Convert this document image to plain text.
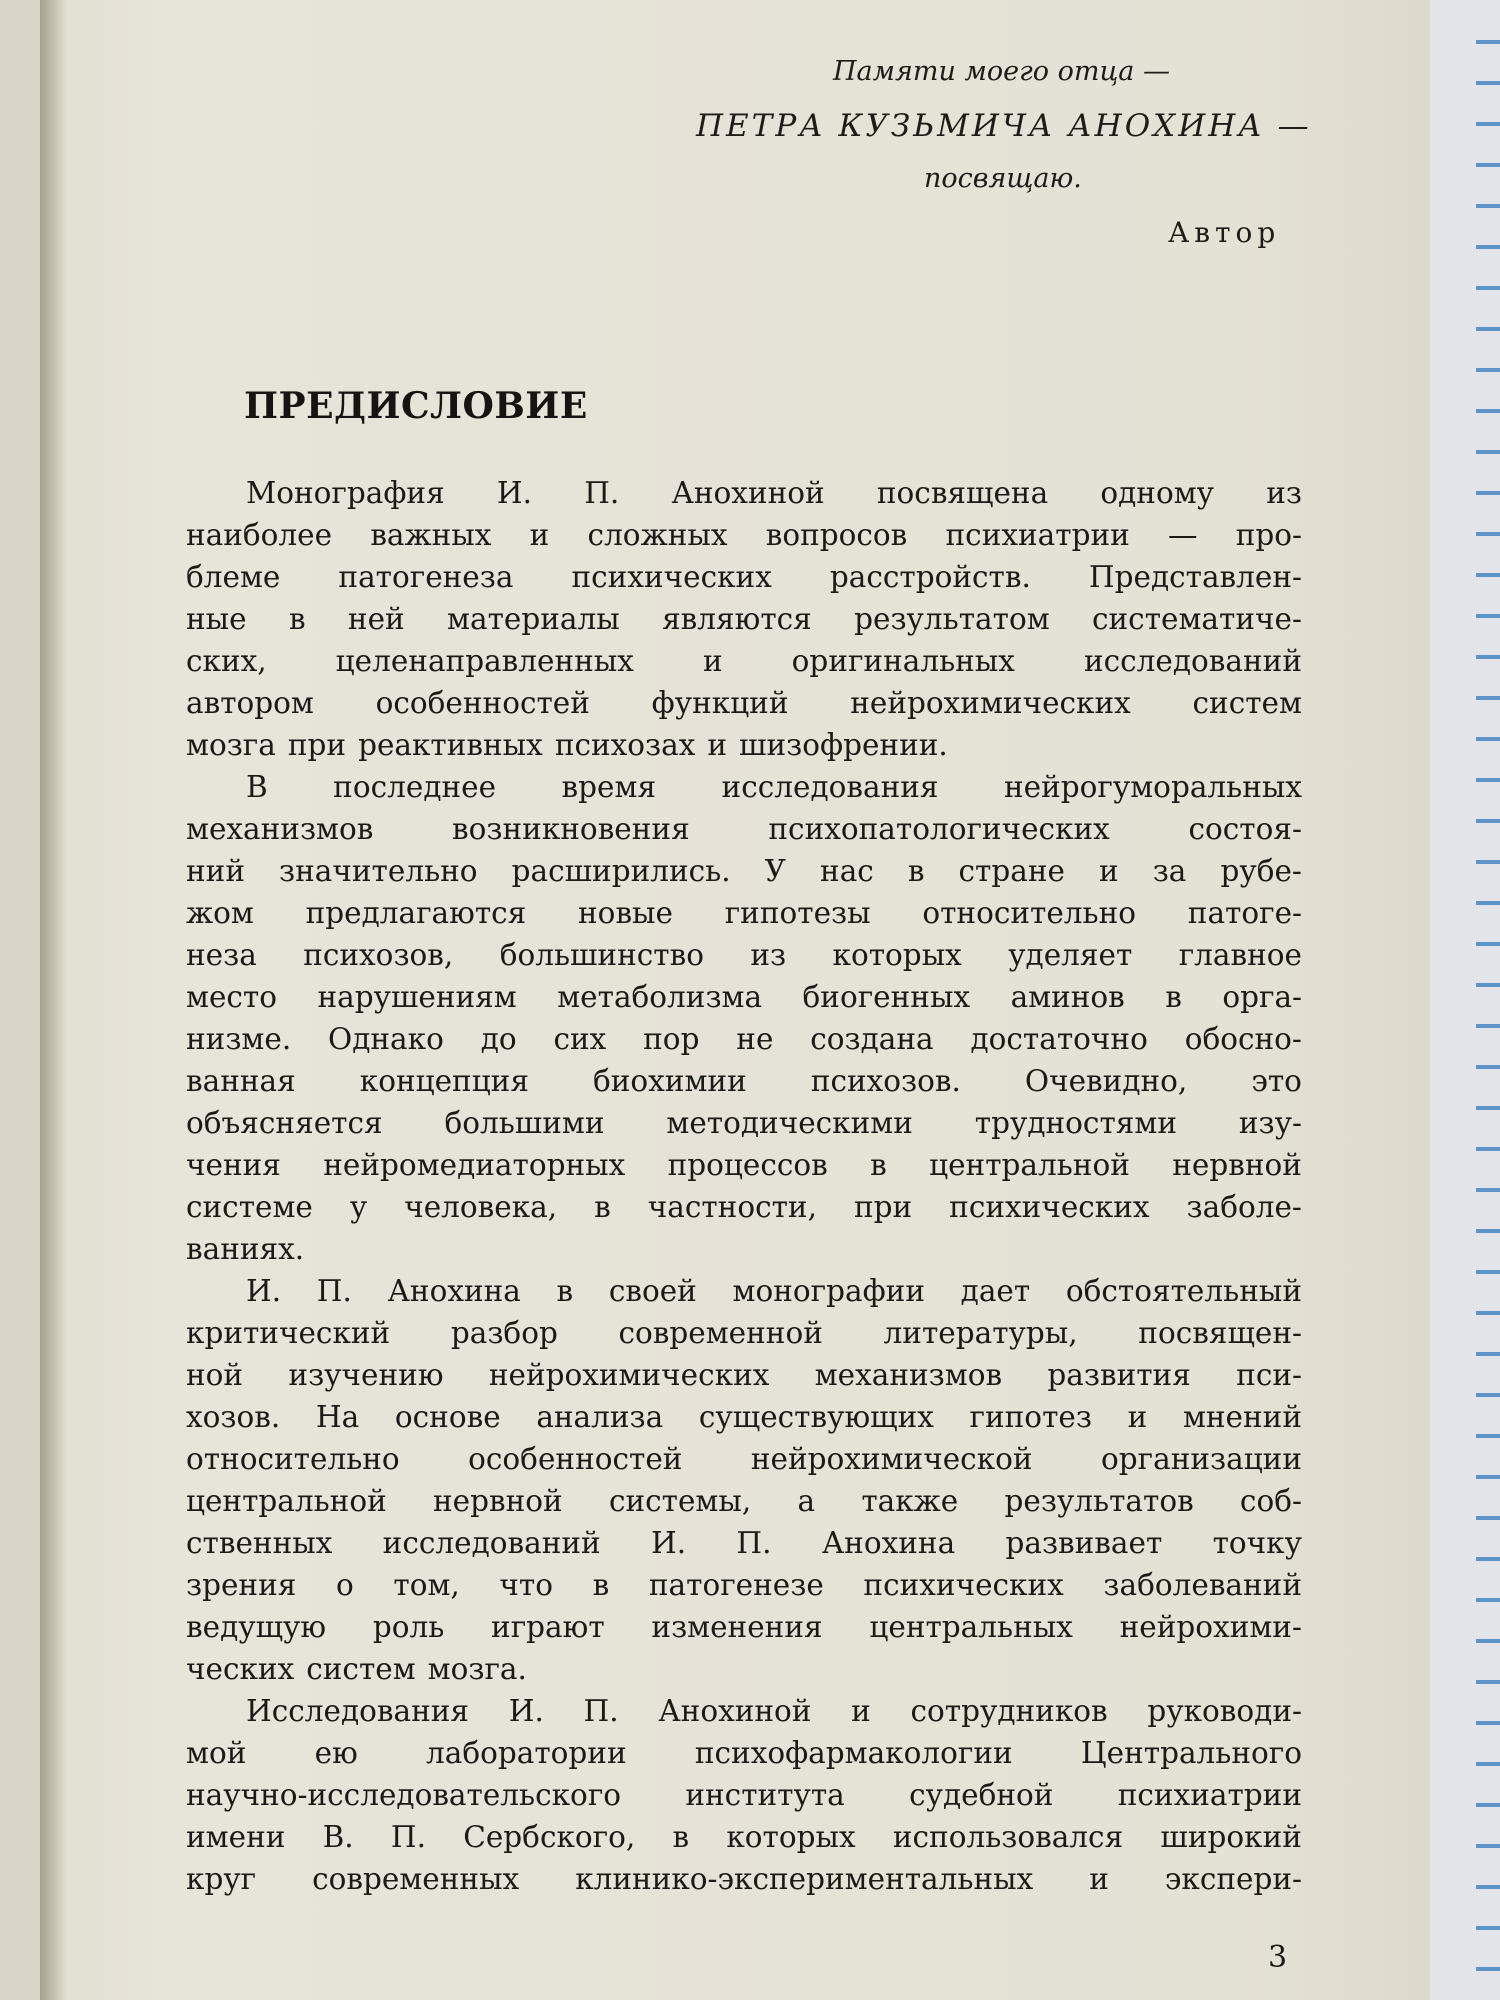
Памяти моего отца —
ПЕТРА КУЗЬМИЧА АНОХИНА —
посвящаю.
Автор
ПРЕДИСЛОВИЕ
Монография И. П. Анохиной посвящена одному из
наиболее важных и сложных вопросов психиатрии — про-
блеме патогенеза психических расстройств. Представлен-
ные в ней материалы являются результатом систематиче-
ских, целенаправленных и оригинальных исследований
автором особенностей функций нейрохимических систем
мозга при реактивных психозах и шизофрении.
В последнее время исследования нейрогуморальных
механизмов	возникновения	психопатологических	состоя-
ний значительно расширились. У нас в стране и за рубе-
жом предлагаются новые гипотезы относительно патоге-
неза психозов, большинство из которых уделяет главное
место нарушениям метаболизма биогенных аминов в орга-
низме. Однако до сих пор не создана достаточно обосно-
ванная концепция биохимии психозов. Очевидно, это
объясняется большими методическими трудностями изу-
чения нейромедиаторных процессов в центральной нервной
системе у человека, в частности, при психических заболе-
ваниях.
И. П. Анохина в своей монографии дает обстоятельный
критический разбор современной литературы, посвящен-
ной изучению нейрохимических механизмов развития пси-
хозов. На основе анализа существующих гипотез и мнений
относительно особенностей нейрохимической организации
центральной нервной системы, а также результатов соб-
ственных исследований И. П. Анохина развивает точку
зрения о том, что в патогенезе психических заболеваний
ведущую роль играют изменения центральных нейрохими-
ческих систем мозга.
Исследования И. П. Анохиной и сотрудников руководи-
мой ею лаборатории психофармакологии Центрального
научно-исследовательского института судебной психиатрии
имени В. П. Сербского, в которых использовался широкий
круг современных клинико-экспериментальных и экспери-
3
